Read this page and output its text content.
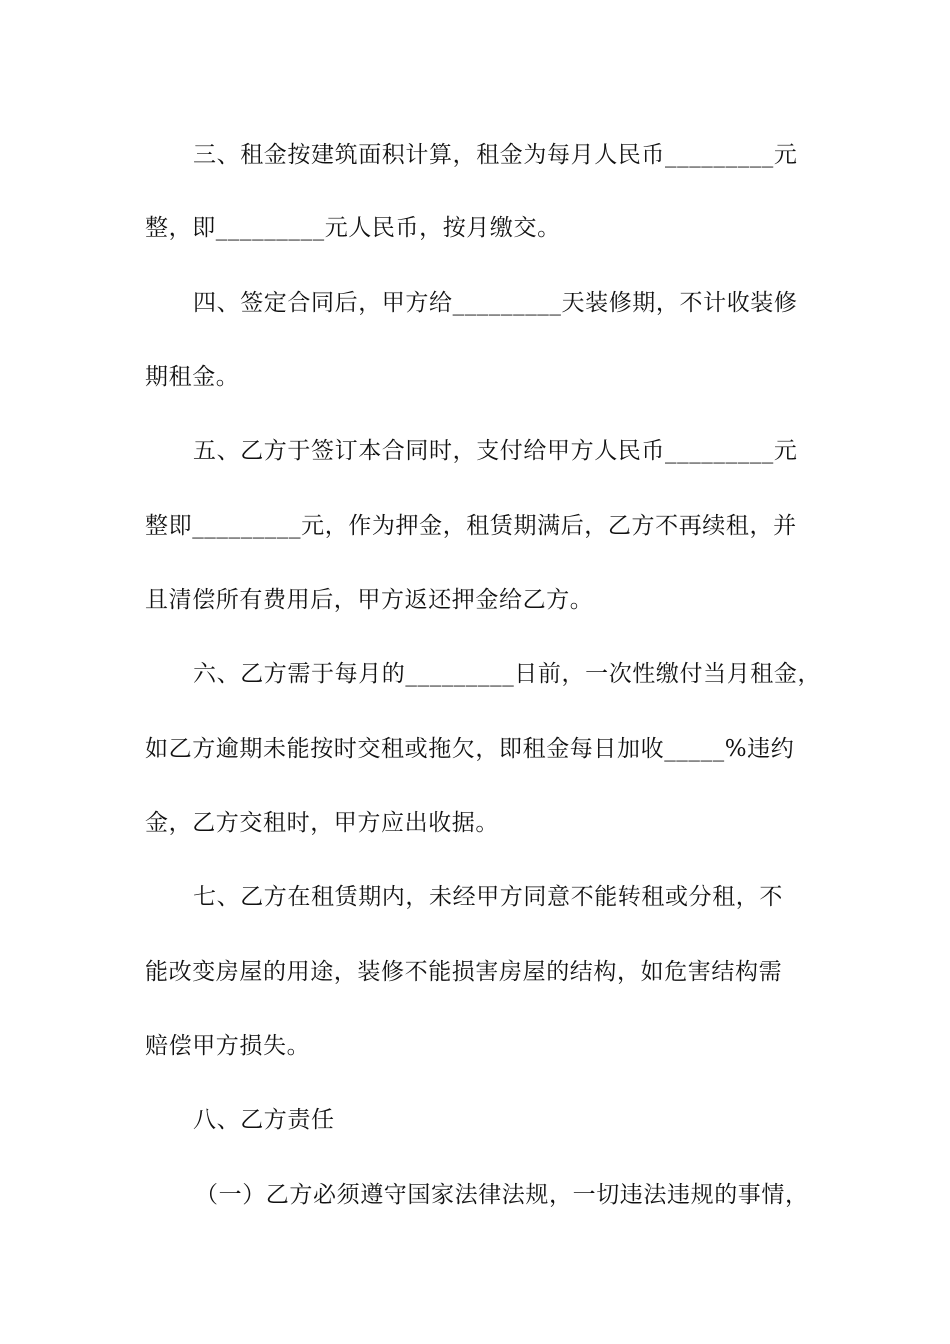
三、租金按建筑面积计算，租金为每月人民币_________元
整，即_________元人民币，按月缴交。
四、签定合同后，甲方给_________天装修期，不计收装修
期租金。
五、乙方于签订本合同时，支付给甲方人民币_________元
整即_________元，作为押金，租赁期满后，乙方不再续租，并
且清偿所有费用后，甲方返还押金给乙方。
六、乙方需于每月的_________日前，一次性缴付当月租金，
如乙方逾期未能按时交租或拖欠，即租金每日加收_____%违约
金，乙方交租时，甲方应出收据。
七、乙方在租赁期内，未经甲方同意不能转租或分租，不
能改变房屋的用途，装修不能损害房屋的结构，如危害结构需
赔偿甲方损失。
八、乙方责任
（一）乙方必须遵守国家法律法规，一切违法违规的事情，
